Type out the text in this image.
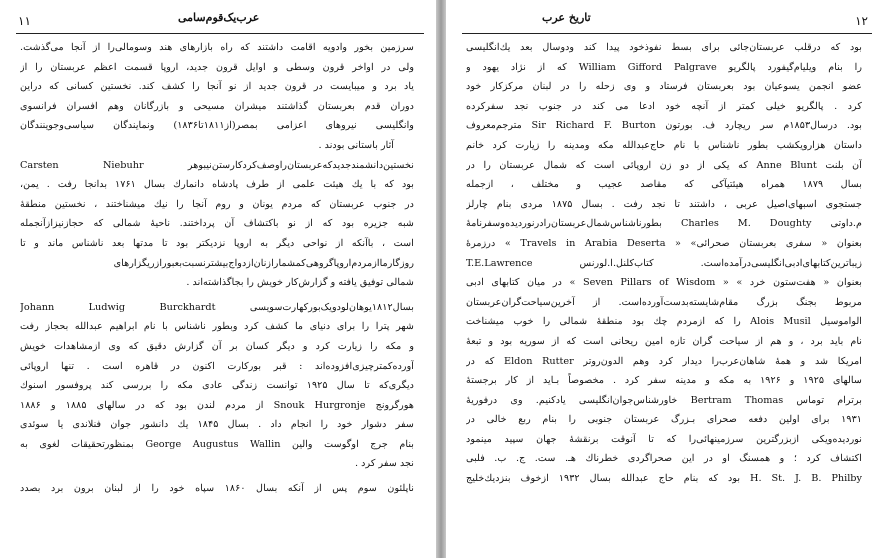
عرب‌یک‌قوم‌سامی
۱۱
سرزمین بخور وادویه اقامت داشتند که راه بازارهای هند وسومالی‌را از آنجا می‌گذشت.
ولی در اواخر قرون وسطی و اوایل قرون جدید، اروپا قسمت اعظم عربستان را از
یاد برد و میبایست در قرون جدید از نو آنجا را کشف کند. نخستین کسانی که دراین
دوران قدم بعربستان گذاشتند میشران مسیحی و بازرگانان وهم افسران فرانسوی
وانگلیسی نیروهای اعزامی بمصر(از۱۸۱۱تا۱۸۳۶) ونمایندگان سیاسی‌وجوینندگان
آثار باستانی بودند .
نخستین‌دانشمندجدید‌که‌عربستان‌را‌وصف‌کرد‌کارستن‌نیبوهر Carsten Niebuhr
بود که با یك هیئت علمی از طرف پادشاه دانمارك بسال ۱۷۶۱ بدانجا رفت . یمن،
در جنوب عربستان که مردم یونان و روم آنجا را نیك میشناختند ، نخستین منطقهٔ
شبه جزیره بود که از نو باکتشاف آن پرداختند. ناحیهٔ شمالی که حجازنیزازآنجمله
است ، باآنکه از نواحی دیگر به اروپا نزدیکتر بود تا مدتها بعد ناشناس ماند و تا
روزگار‌ما‌از‌مردم‌اروپا‌گروهی‌کمشماراز‌نان‌ازدواج‌بیشتر‌نسبت‌بعبور‌از‌ریگزارهای
شمالی توفیق یافته و گزارش‌کار خویش را بجاگذاشته‌اند .
بسال۱۸۱۲یوهان‌لودویک‌بورکهارت‌سویسی Johann Ludwig Burckhardt
شهر پترا را برای دنیای ما کشف کرد وبطور ناشناس با نام ابراهیم عبدالله بحجاز رفت
و مکه را زیارت کرد و دیگر کسان بر آن گزارش دقیق که وی ازمشاهدات خویش
آورده‌کمتر‌چیزی‌افزوده‌اند : قبر بورکارت اکنون در قاهره است . تنها اروپائی
دیگری‌که تا سال ۱۹۲۵ توانست زندگی عادی مکه را بررسی کند پروفسور اسنوك
هورگرونج Snouk Hurgronje از مردم لندن بود که در سالهای ۱۸۸۵ و ۱۸۸۶
سفر دشوار خود را انجام داد . بسال ۱۸۴۵ یك دانشور جوان فنلاندی یا سوئدی
بنام جرج اوگوست والین George Augustus Wallin بمنظورتحقیقات لغوی به
نجد سفر کرد .
ناپلئون سوم پس از آنکه بسال ۱۸۶۰ سپاه خود را از لبنان برون برد بصدد
تاریخ عرب	۱۲
بود که درقلب عربستان‌جائی برای بسط نفوذخود پیدا کند ودوسال بعد یك‌انگلیسی
را بنام ویلیام‌گیفورد پالگریو William Gifford Palgrave که از نژاد یهود و
عضو انجمن یسوعیان بود بعربستان فرستاد و وی زحله را در لبنان مرکزکار خود
کرد . پالگریو خیلی کمتر از آنچه خود ادعا می کند در جنوب نجد سفرکرده
بود. درسال۱۸۵۳م سر ریچارد ف. بورتون Sir Richard F. Burton مترجم‌معروف
داستان هزارویکشب بطور ناشناس با نام حاج‌عبدالله مکه ومدینه را زیارت کرد خانم
آن بلنت Anne Blunt که یکی از دو زن اروپائی است که شمال عربستان را در
بسال ۱۸۷۹ همراه هیئتیآکی که مقاصد عجیب و مختلف ، ازجمله
جستجوی اسبهای‌اصیل عربی ، داشتند تا نجد رفت . بسال ۱۸۷۵ مردی بنام چارلز
م.داوتی Charles M. Doughty بطور‌ناشناس‌شمال‌عربستان‌را‌در‌نوردیده‌وسفرنامهٔ
بعنوان « سفری بعربستان صحرائی» « Travels in Arabia Deserta » درزمرهٔ
زیباترین‌کتابهای‌ادبی‌انگلیسی‌در‌آمده‌است. کتاب‌کلنل.ا.لورنس T.E.Lawrence
بعنوان « هفت‌ستون خرد » « Seven Pillars of Wisdom » در میان کتابهای ادبی
مربوط بجنگ بزرگ مقام‌شایسته‌بدست‌آورده‌است. از آخرین‌سیاحت‌گران‌عربستان
الواموسیل Alois Musil را که ازمردم چك بود منطقهٔ شمالی را خوب میشناخت
نام باید برد ، و هم از سیاحت گران تازه امین ریحانی است که از سوریه بود و تبعهٔ
امریکا شد و همهٔ شاهان‌عرب‌را دیدار کرد وهم الدون‌روتر Eldon Rutter که در
سالهای ۱۹۲۵ و ۱۹۲۶ به مکه و مدینه سفر کرد . مخصوصاً بـاید از کار برجستهٔ
برترام توماس Bertram Thomas خاورشناس‌جوان‌انگلیسی یادکنیم. وی درفوریهٔ
۱۹۳۱ برای اولین دفعه صحرای بـزرگ عربستان جنوبی را بنام ربع خالی در
نوردیده‌و‌یکی ازبزرگترین سرزمینهائی‌را که تا آنوقت برنقشهٔ جهان سپید مینمود
اکتشاف کرد ؛ و همسنگ او در این صحراگردی خطرناك هـ. ست. ج. ب. فلبی
H. St. J. B. Philby بود که بنام حاج عبدالله بسال ۱۹۳۲ ازخوف بنزدیك‌خلیج
